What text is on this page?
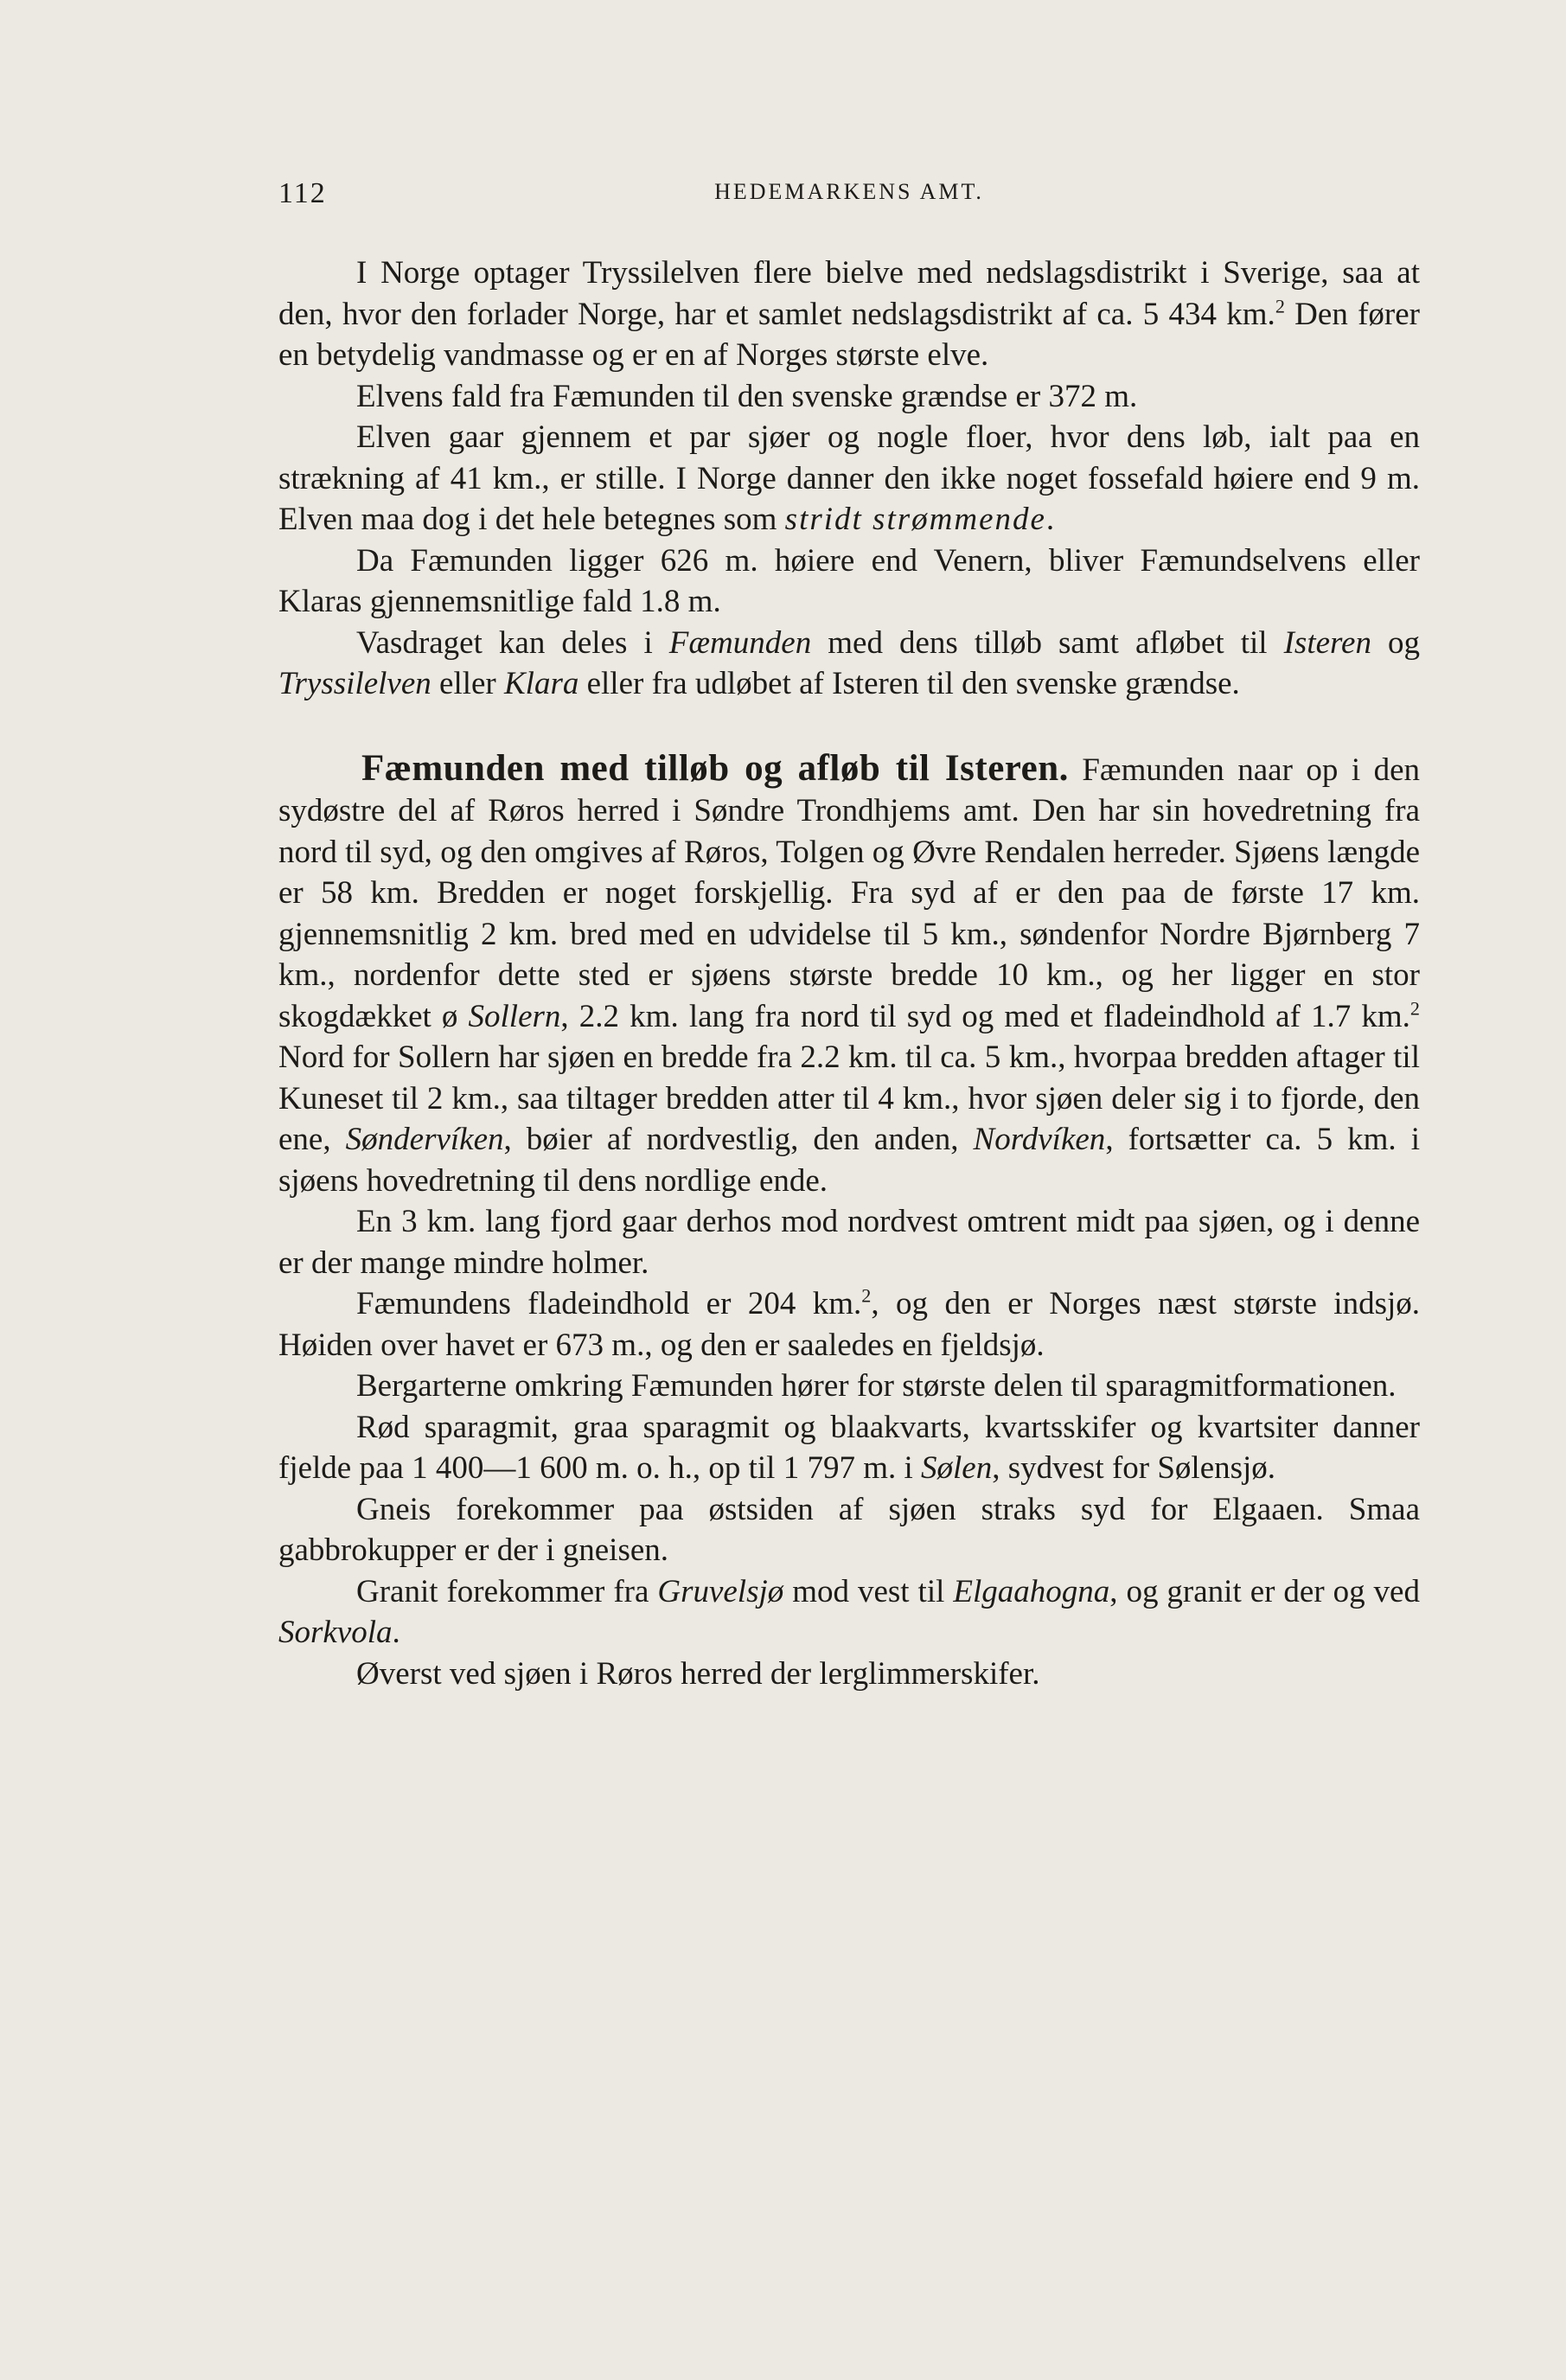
112	HEDEMARKENS AMT.

I Norge optager Tryssilelven flere bielve med nedslagsdistrikt i Sverige, saa at den, hvor den forlader Norge, har et samlet nedslagsdistrikt af ca. 5 434 km.$^2$ Den fører en betydelig vandmasse og er en af Norges største elve.

Elvens fald fra Fæmunden til den svenske grændse er 372 m.

Elven gaar gjennem et par sjøer og nogle floer, hvor dens løb, ialt paa en strækning af 41 km., er stille. I Norge danner den ikke noget fossefald høiere end 9 m. Elven maa dog i det hele betegnes som stridt strømmende.

Da Fæmunden ligger 626 m. høiere end Venern, bliver Fæmundselvens eller Klaras gjennemsnitlige fald 1.8 m.

Vasdraget kan deles i Fæmunden med dens tilløb samt afløbet til Isteren og Tryssilelven eller Klara eller fra udløbet af Isteren til den svenske grændse.

Fæmunden med tilløb og afløb til Isteren. Fæmunden naar op i den sydøstre del af Røros herred i Søndre Trondhjems amt. Den har sin hovedretning fra nord til syd, og den omgives af Røros, Tolgen og Øvre Rendalen herreder. Sjøens længde er 58 km. Bredden er noget forskjellig. Fra syd af er den paa de første 17 km. gjennemsnitlig 2 km. bred med en udvidelse til 5 km., søndenfor Nordre Bjørnberg 7 km., nordenfor dette sted er sjøens største bredde 10 km., og her ligger en stor skogdækket ø Sollern, 2.2 km. lang fra nord til syd og med et fladeindhold af 1.7 km.$^2$ Nord for Sollern har sjøen en bredde fra 2.2 km. til ca. 5 km., hvorpaa bredden aftager til Kuneset til 2 km., saa tiltager bredden atter til 4 km., hvor sjøen deler sig i to fjorde, den ene, Søndervíken, bøier af nordvestlig, den anden, Nordvíken, fortsætter ca. 5 km. i sjøens hovedretning til dens nordlige ende.

En 3 km. lang fjord gaar derhos mod nordvest omtrent midt paa sjøen, og i denne er der mange mindre holmer.

Fæmundens fladeindhold er 204 km.$^2$, og den er Norges næst største indsjø. Høiden over havet er 673 m., og den er saaledes en fjeldsjø.

Bergarterne omkring Fæmunden hører for største delen til sparagmitformationen.

Rød sparagmit, graa sparagmit og blaakvarts, kvartsskifer og kvartsiter danner fjelde paa 1 400—1 600 m. o. h., op til 1 797 m. i Sølen, sydvest for Sølensjø.

Gneis forekommer paa østsiden af sjøen straks syd for Elgaaen. Smaa gabbrokupper er der i gneisen.

Granit forekommer fra Gruvelsjø mod vest til Elgaahogna, og granit er der og ved Sorkvola.

Øverst ved sjøen i Røros herred der lerglimmerskifer.
